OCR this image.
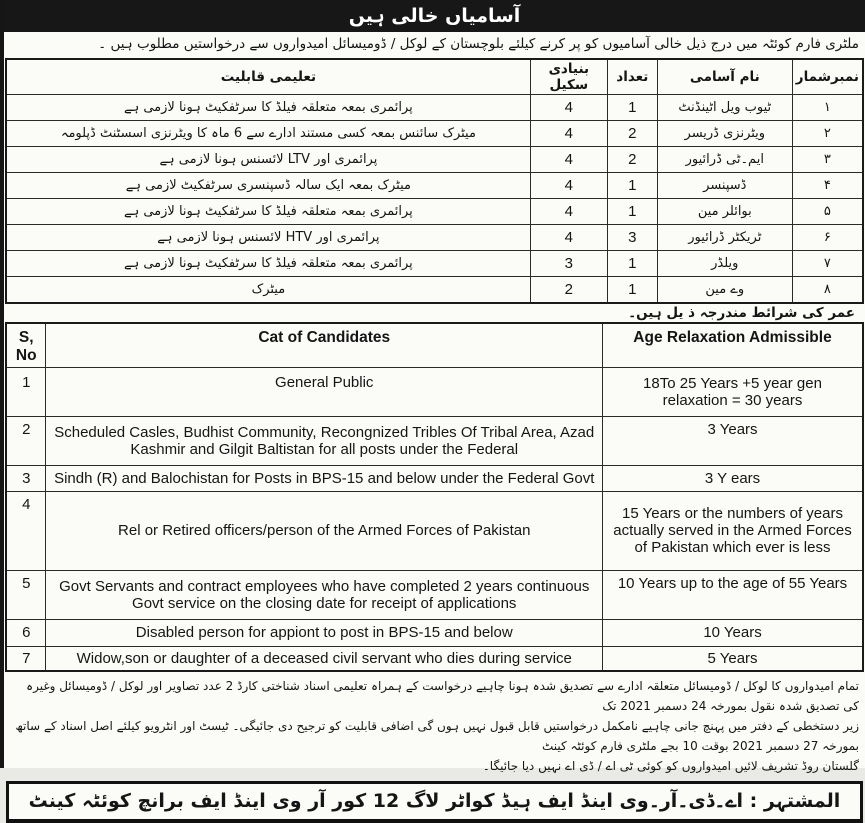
آسامیاں خالی ہیں
ملٹری فارم کوئٹہ میں درج ذیل خالی آسامیوں کو پر کرنے کیلئے بلوچستان کے لوکل / ڈومیسائل امیدواروں سے درخواستیں مطلوب ہیں ۔
نمبرشمار	نام آسامی	تعداد	بنیادی سکیل	تعلیمی قابلیت
۱	ٹیوب ویل اٹینڈنٹ	1	4	پرائمری بمعہ متعلقہ فیلڈ کا سرٹفکیٹ ہونا لازمی ہے
۲	ویٹرنزی ڈریسر	2	4	میٹرک سائنس بمعہ کسی مستند ادارے سے 6 ماہ کا ویٹرنزی اسسٹنٹ ڈپلومہ
۳	ایم۔ٹی ڈرائیور	2	4	پرائمری اور LTV لائسنس ہونا لازمی ہے
۴	ڈسپنسر	1	4	میٹرک بمعہ ایک سالہ ڈسپنسری سرٹفکیٹ لازمی ہے
۵	بوائلر مین	1	4	پرائمری بمعہ متعلقہ فیلڈ کا سرٹفکیٹ ہونا لازمی ہے
۶	ٹریکٹر ڈرائیور	3	4	پرائمری اور HTV لائسنس ہونا لازمی ہے
۷	ویلڈر	1	3	پرائمری بمعہ متعلقہ فیلڈ کا سرٹفکیٹ ہونا لازمی ہے
۸	وے مین	1	2	میٹرک
عمر کی شرائط مندرجہ ذ یل ہیں۔
S, No	Cat of Candidates	Age Relaxation Admissible
1	General Public	18To 25 Years +5 year gen relaxation = 30 years
2	Scheduled Casles, Budhist Community, Recongnized Tribles Of Tribal Area, Azad Kashmir and Gilgit Baltistan for all posts under the Federal	3 Years
3	Sindh (R) and Balochistan for Posts in BPS-15 and below under the Federal Govt	3 Y ears
4	Rel or Retired officers/person of the Armed Forces of Pakistan	15 Years or the numbers of years actually served in the Armed Forces of Pakistan which ever is less
5	Govt Servants and contract employees who have completed 2 years continuous Govt service on the closing date for receipt of applications	10 Years up to the age of 55 Years
6	Disabled person for appiont to post in BPS-15 and below	10 Years
7	Widow,son or daughter of a deceased civil servant who dies during service	5 Years
تمام امیدواروں کا لوکل / ڈومیسائل متعلقہ ادارے سے تصدیق شدہ ہونا چاہیے درخواست کے ہمراہ تعلیمی اسناد شناختی کارڈ 2 عدد تصاویر اور لوکل / ڈومیسائل وغیرہ کی تصدیق شدہ نقول بمورخہ 24 دسمبر 2021 تک
زیر دستخطی کے دفتر میں پہنچ جانی چاہیے نامکمل درخواستیں قابل قبول نہیں ہوں گی اضافی قابلیت کو ترجیح دی جائیگی۔ ٹیسٹ اور انٹرویو کیلئے اصل اسناد کے ساتھ بمورخہ 27 دسمبر 2021 بوقت 10 بجے ملٹری فارم کوئٹہ کینٹ
گلستان روڈ تشریف لائیں امیدواروں کو کوئی ٹی اے / ڈی اے نہیں دیا جائیگا۔
المشتہر : اے۔ڈی۔آر۔وی اینڈ ایف ہیڈ کواٹر لاگ 12 کور آر وی اینڈ ایف برانچ کوئٹہ کینٹ
